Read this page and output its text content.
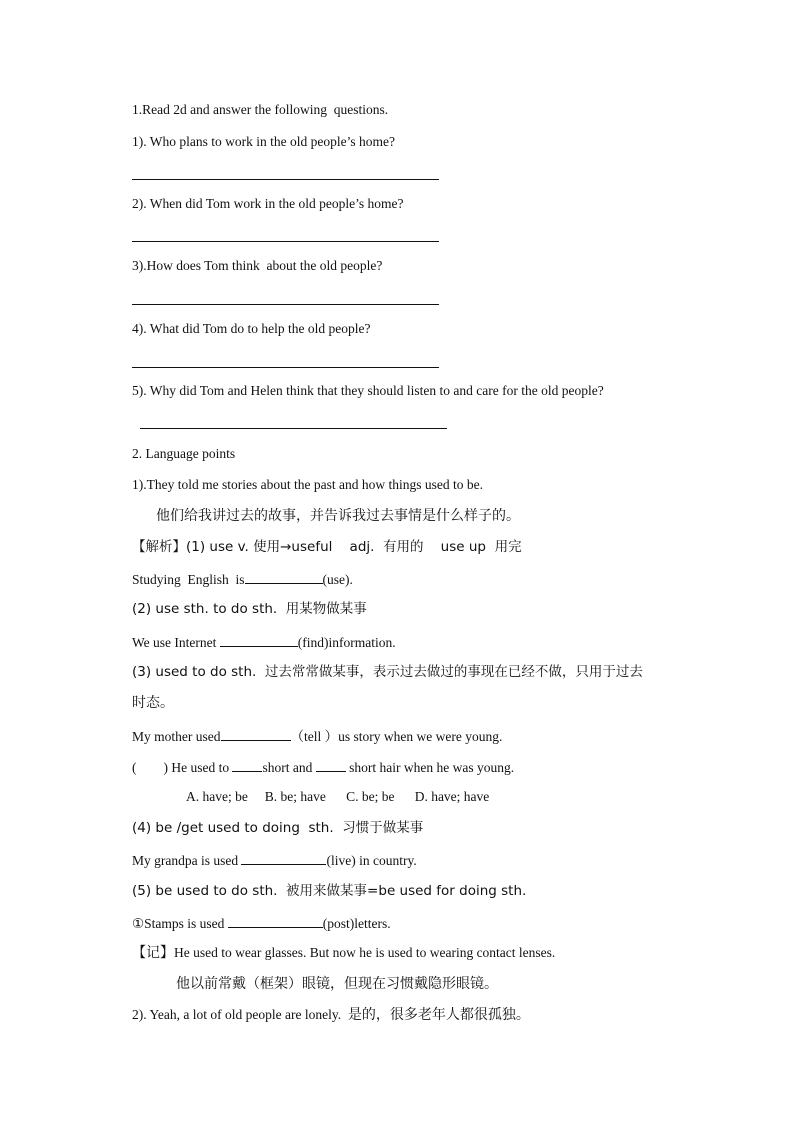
1.Read 2d and answer the following  questions.
1). Who plans to work in the old people’s home?
2). When did Tom work in the old people’s home?
3).How does Tom think  about the old people?
4). What did Tom do to help the old people?
5). Why did Tom and Helen think that they should listen to and care for the old people?
2. Language points
1).They told me stories about the past and how things used to be.
他们给我讲过去的故事，并告诉我过去事情是什么样子的。
【解析】(1) use v. 使用→useful    adj.  有用的    use up  用完
Studying  English  is	(use).
(2) use sth. to do sth.  用某物做某事
We use Internet	(find)information.
(3) used to do sth.  过去常常做某事，表示过去做过的事现在已经不做，只用于过去
时态。
My mother used	（tell ）us story when we were young.
(        ) He used to short and  short hair when he was young.
A. have; be     B. be; have      C. be; be      D. have; have
(4) be /get used to doing  sth.  习惯于做某事
My grandpa is used	(live) in country.
(5) be used to do sth.  被用来做某事=be used for doing sth.
①Stamps is used	(post)letters.
【记】He used to wear glasses. But now he is used to wearing contact lenses.
他以前常戴（框架）眼镜，但现在习惯戴隐形眼镜。
2). Yeah, a lot of old people are lonely.  是的，很多老年人都很孤独。
